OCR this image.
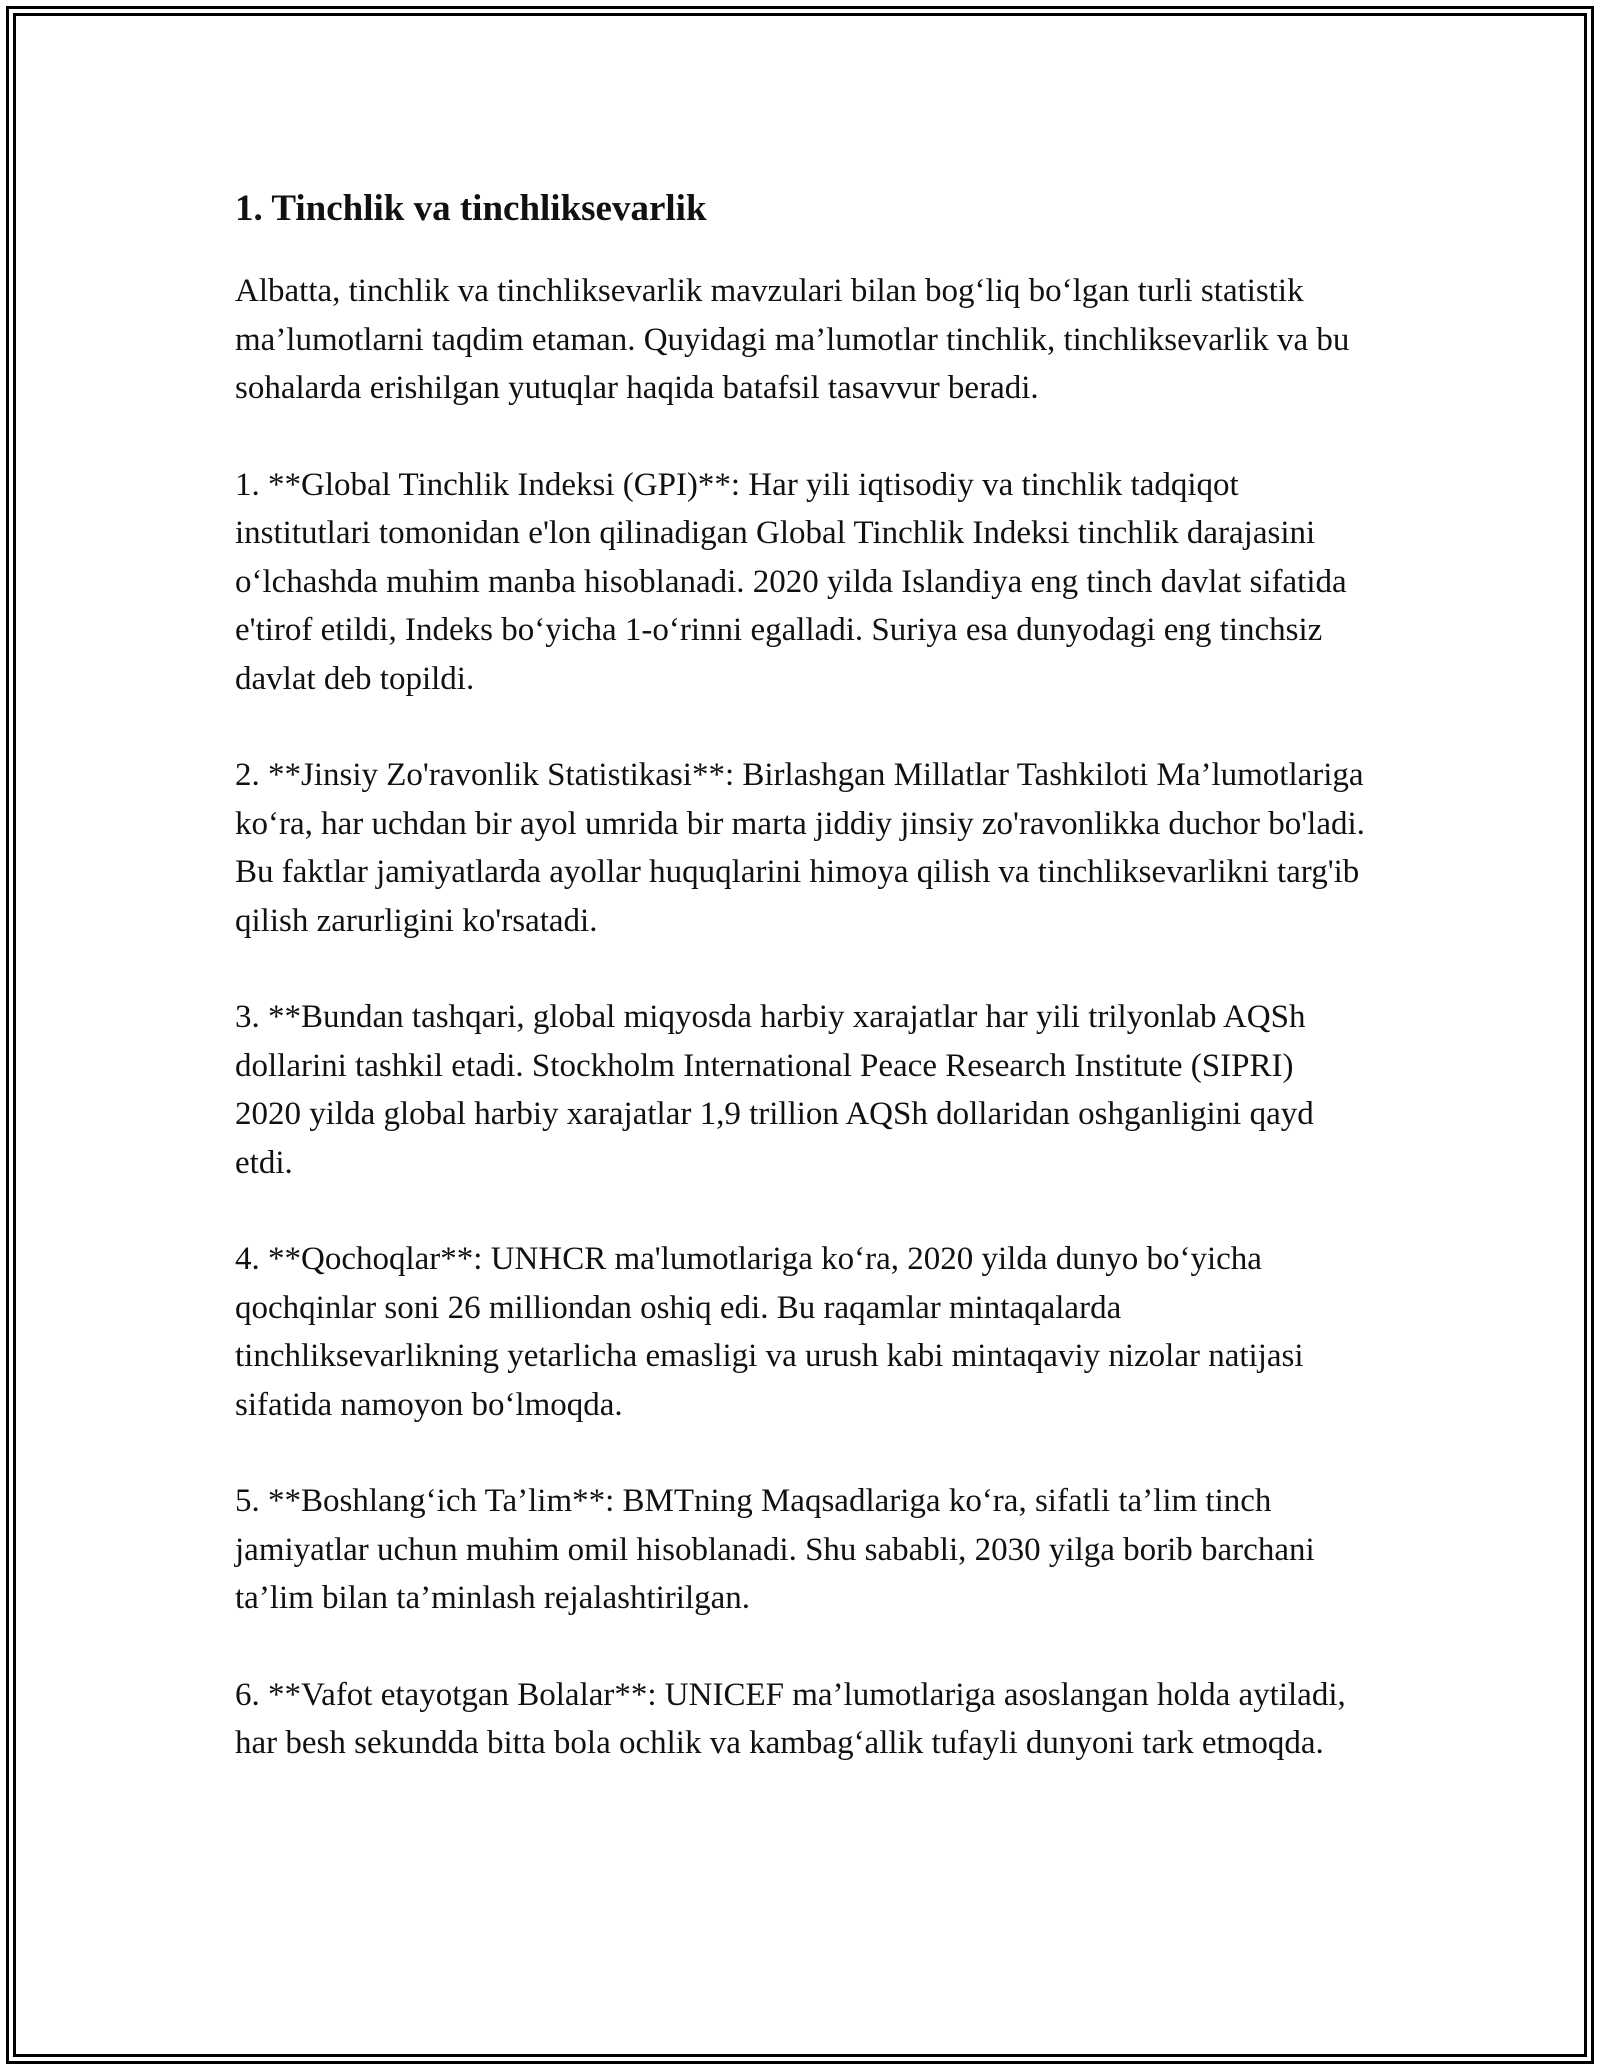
1. Tinchlik va tinchliksevarlik

Albatta, tinchlik va tinchliksevarlik mavzulari bilan bog‘liq bo‘lgan turli statistik ma’lumotlarni taqdim etaman. Quyidagi ma’lumotlar tinchlik, tinchliksevarlik va bu sohalarda erishilgan yutuqlar haqida batafsil tasavvur beradi.

1. **Global Tinchlik Indeksi (GPI)**: Har yili iqtisodiy va tinchlik tadqiqot institutlari tomonidan e'lon qilinadigan Global Tinchlik Indeksi tinchlik darajasini o‘lchashda muhim manba hisoblanadi. 2020 yilda Islandiya eng tinch davlat sifatida e'tirof etildi, Indeks bo‘yicha 1-o‘rinni egalladi. Suriya esa dunyodagi eng tinchsiz davlat deb topildi.

2. **Jinsiy Zo'ravonlik Statistikasi**: Birlashgan Millatlar Tashkiloti Ma’lumotlariga ko‘ra, har uchdan bir ayol umrida bir marta jiddiy jinsiy zo'ravonlikka duchor bo'ladi. Bu faktlar jamiyatlarda ayollar huquqlarini himoya qilish va tinchliksevarlikni targ'ib qilish zarurligini ko'rsatadi.

3. **Bundan tashqari, global miqyosda harbiy xarajatlar har yili trilyonlab AQSh dollarini tashkil etadi. Stockholm International Peace Research Institute (SIPRI) 2020 yilda global harbiy xarajatlar 1,9 trillion AQSh dollaridan oshganligini qayd etdi.

4. **Qochoqlar**: UNHCR ma'lumotlariga ko‘ra, 2020 yilda dunyo bo‘yicha qochqinlar soni 26 milliondan oshiq edi. Bu raqamlar mintaqalarda tinchliksevarlikning yetarlicha emasligi va urush kabi mintaqaviy nizolar natijasi sifatida namoyon bo‘lmoqda.

5. **Boshlang‘ich Ta’lim**: BMTning Maqsadlariga ko‘ra, sifatli ta’lim tinch jamiyatlar uchun muhim omil hisoblanadi. Shu sababli, 2030 yilga borib barchani ta’lim bilan ta’minlash rejalashtirilgan.

6. **Vafot etayotgan Bolalar**: UNICEF ma’lumotlariga asoslangan holda aytiladi, har besh sekundda bitta bola ochlik va kambag‘allik tufayli dunyoni tark etmoqda.
